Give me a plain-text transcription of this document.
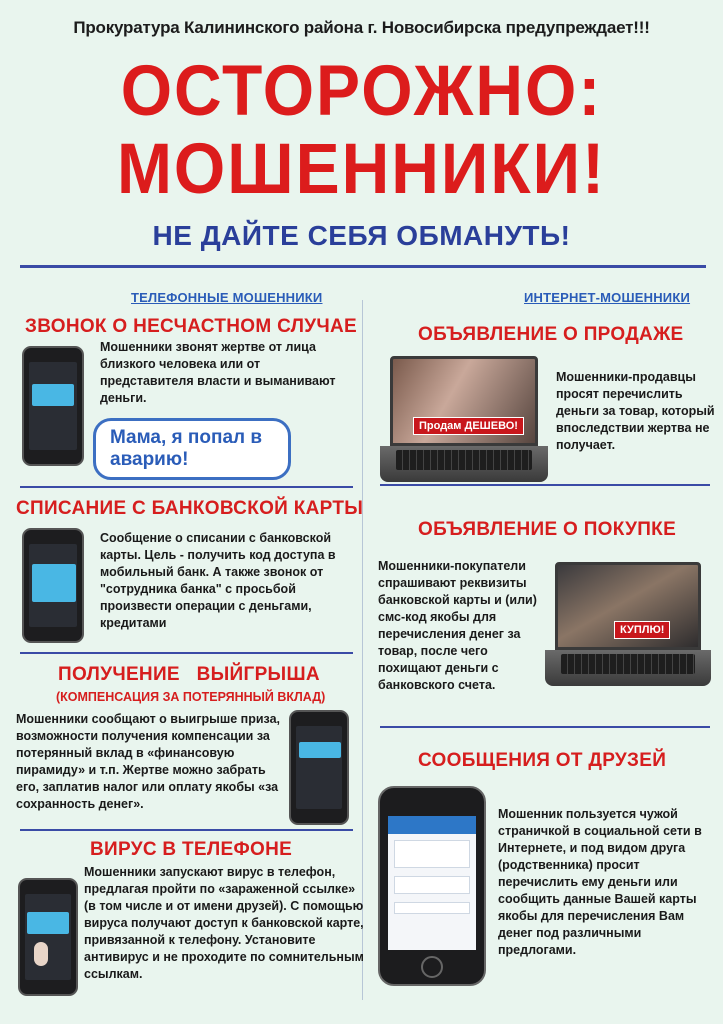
Прокуратура Калининского района г. Новосибирска предупреждает!!!
ОСТОРОЖНО:
МОШЕННИКИ!
НЕ ДАЙТЕ СЕБЯ ОБМАНУТЬ!
ТЕЛЕФОННЫЕ МОШЕННИКИ	ИНТЕРНЕТ-МОШЕННИКИ
ЗВОНОК О НЕСЧАСТНОМ СЛУЧАЕ
Мошенники звонят жертве от лица близкого человека или от представителя власти и выманивают деньги.
Мама, я попал в аварию!
СПИСАНИЕ С БАНКОВСКОЙ КАРТЫ
Сообщение о списании с банковской карты. Цель - получить код доступа в мобильный банк. А также звонок от "сотрудника банка" с просьбой произвести операции с деньгами, кредитами
ПОЛУЧЕНИЕ   ВЫЙГРЫША
(КОМПЕНСАЦИЯ ЗА ПОТЕРЯННЫЙ ВКЛАД)
Мошенники сообщают о выигрыше приза, возможности получения компенсации за потерянный вклад в «финансовую пирамиду» и т.п. Жертве можно забрать его, заплатив налог или оплату якобы «за сохранность денег».
ВИРУС В ТЕЛЕФОНЕ
Мошенники запускают вирус в телефон, предлагая пройти по «зараженной ссылке» (в том числе и от имени друзей). С помощью вируса получают доступ к банковской карте, привязанной к телефону. Установите антивирус и не проходите по сомнительным ссылкам.
ОБЪЯВЛЕНИЕ О ПРОДАЖЕ
Продам ДЕШЕВО!
Мошенники-продавцы просят перечислить деньги за товар, который впоследствии жертва не получает.
ОБЪЯВЛЕНИЕ О ПОКУПКЕ
Мошенники-покупатели спрашивают реквизиты банковской карты и (или) смс-код якобы для перечисления денег за товар, после чего похищают деньги с банковского счета.
КУПЛЮ!
СООБЩЕНИЯ ОТ ДРУЗЕЙ
Мошенник пользуется чужой страничкой в социальной сети в Интернете, и под видом друга (родственника) просит перечислить ему деньги или сообщить данные Вашей карты якобы для перечисления Вам денег под различными предлогами.
